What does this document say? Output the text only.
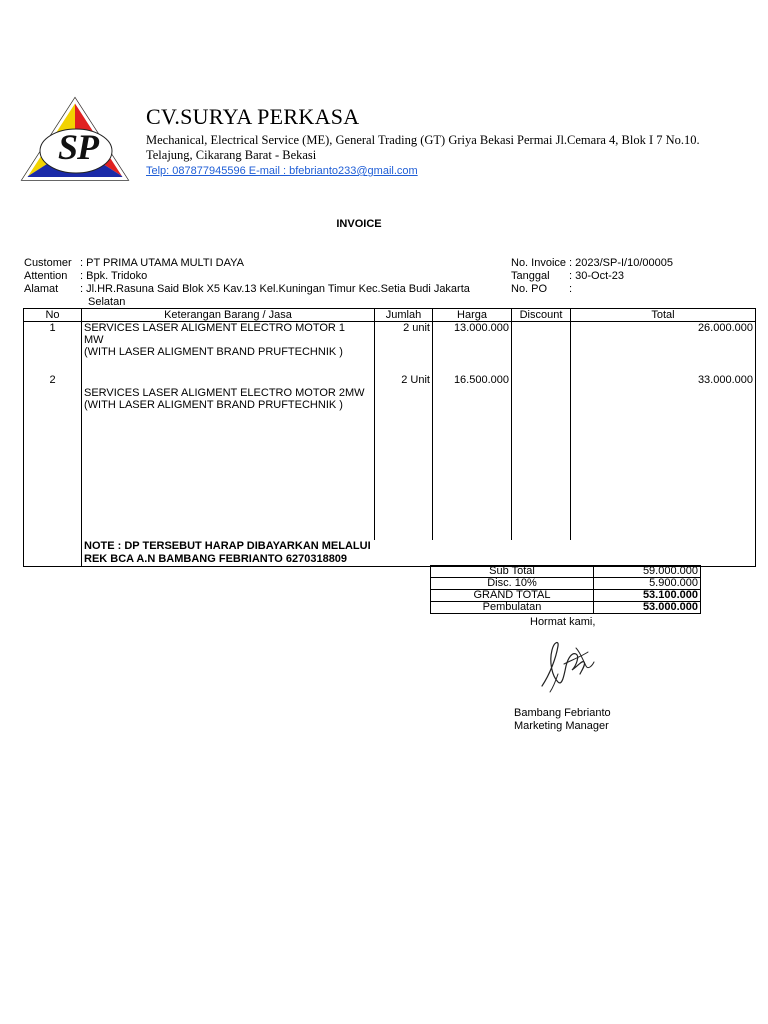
SP
CV.SURYA PERKASA
Mechanical, Electrical Service (ME), General Trading (GT) Griya Bekasi Permai Jl.Cemara 4, Blok I 7 No.10.
Telajung, Cikarang Barat - Bekasi
Telp: 087877945596 E-mail : bfebrianto233@gmail.com
INVOICE
Customer : PT PRIMA UTAMA MULTI DAYA
Attention : Bpk. Tridoko
Alamat : Jl.HR.Rasuna Said Blok X5 Kav.13 Kel.Kuningan Timur Kec.Setia Budi Jakarta
Selatan
No. Invoice : 2023/SP-I/10/00005
Tanggal : 30-Oct-23
No. PO :
No	Keterangan Barang / Jasa	Jumlah	Harga	Discount	Total
1	SERVICES LASER ALIGMENT ELECTRO MOTOR 1
MW
(WITH LASER ALIGMENT BRAND PRUFTECHNIK )	2 unit	13.000.000		26.000.000
2	SERVICES LASER ALIGMENT ELECTRO MOTOR 2MW
(WITH LASER ALIGMENT BRAND PRUFTECHNIK )	2 Unit	16.500.000		33.000.000

	NOTE : DP TERSEBUT HARAP DIBAYARKAN MELALUI
REK BCA A.N BAMBANG FEBRIANTO 6270318809				
Sub Total	59.000.000
Disc. 10%	5.900.000
GRAND TOTAL	53.100.000
Pembulatan	53.000.000
Hormat kami,
Bambang Febrianto
Marketing Manager
